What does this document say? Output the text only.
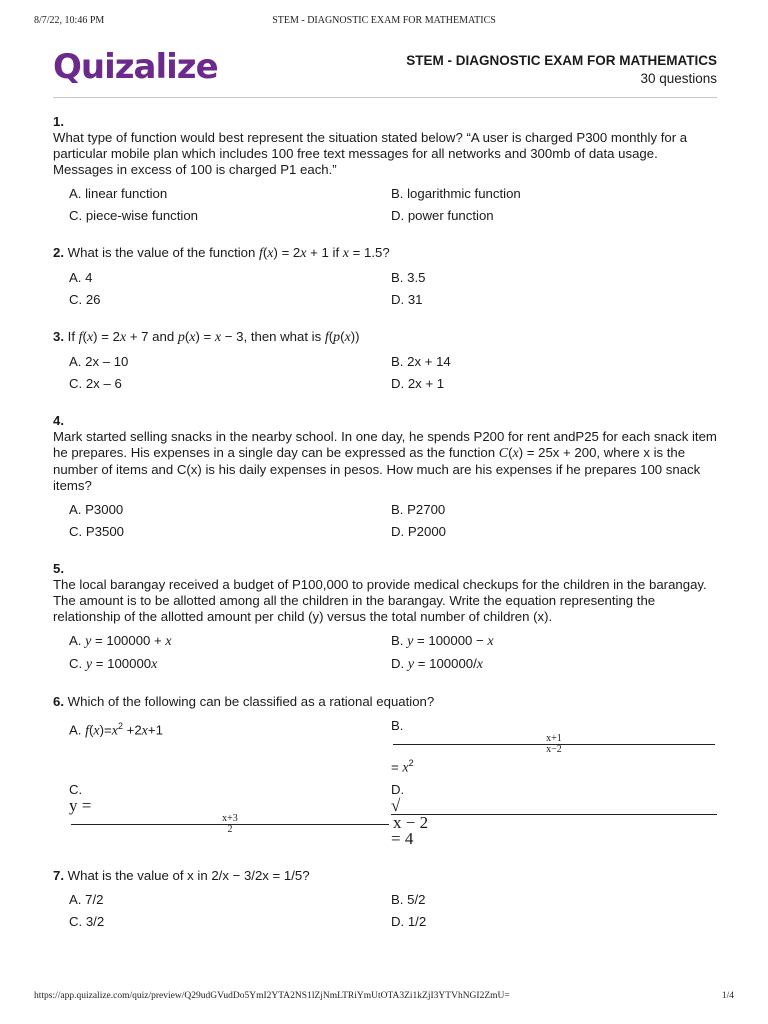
8/7/22, 10:46 PM	STEM - DIAGNOSTIC EXAM FOR MATHEMATICS
Quizalize	STEM - DIAGNOSTIC EXAM FOR MATHEMATICS
30 questions
1.
What type of function would best represent the situation stated below? “A user is charged P300 monthly for a particular mobile plan which includes 100 free text messages for all networks and 300mb of data usage. Messages in excess of 100 is charged P1 each.”
A. linear function	B. logarithmic function
C. piece-wise function	D. power function
2. What is the value of the function f(x) = 2x + 1 if x = 1.5?
A. 4	B. 3.5
C. 26	D. 31
3. If f(x) = 2x + 7 and p(x) = x − 3, then what is f(p(x))
A. 2x – 10	B. 2x + 14
C. 2x – 6	D. 2x + 1
4.
Mark started selling snacks in the nearby school. In one day, he spends P200 for rent andP25 for each snack item he prepares. His expenses in a single day can be expressed as the function C(x) = 25x + 200, where x is the number of items and C(x) is his daily expenses in pesos. How much are his expenses if he prepares 100 snack items?
A. P3000	B. P2700
C. P3500	D. P2000
5.
The local barangay received a budget of P100,000 to provide medical checkups for the children in the barangay. The amount is to be allotted among all the children in the barangay. Write the equation representing the relationship of the allotted amount per child (y) versus the total number of children (x).
A. y = 100000 + x	B. y = 100000 − x
C. y = 100000x	D. y = 100000/x
6. Which of the following can be classified as a rational equation?
A. $f(x)=x^2 +2x+1$	B.
x+1
x−2
= $x^2$
C.
y =
x+3
2
D.
√
x − 2
= 4
7. What is the value of x in 2/x − 3/2x = 1/5?
A. 7/2	B. 5/2
C. 3/2	D. 1/2
https://app.quizalize.com/quiz/preview/Q29udGVudDo5YmI2YTA2NS1lZjNmLTRiYmUtOTA3Zi1kZjI3YTVhNGI2ZmU=	1/4
